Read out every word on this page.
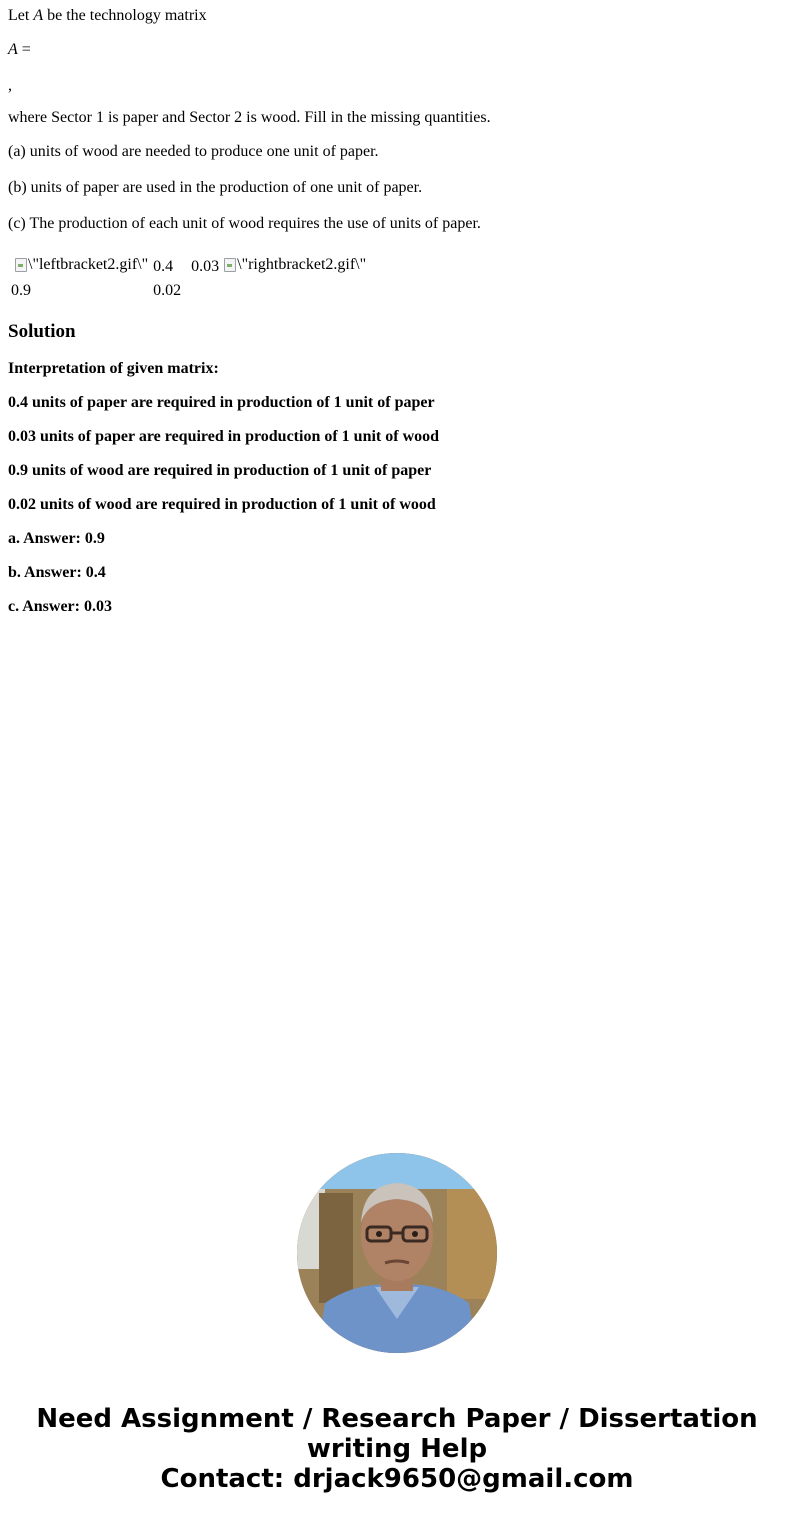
Let A be the technology matrix
A =
,
where Sector 1 is paper and Sector 2 is wood. Fill in the missing quantities.
(a) units of wood are needed to produce one unit of paper.
(b) units of paper are used in the production of one unit of paper.
(c) The production of each unit of wood requires the use of units of paper.
\"leftbracket2.gif\"	0.4	0.03	\"rightbracket2.gif\"

0.9	0.02		
Solution
Interpretation of given matrix:
0.4 units of paper are required in production of 1 unit of paper
0.03 units of paper are required in production of 1 unit of wood
0.9 units of wood are required in production of 1 unit of paper
0.02 units of wood are required in production of 1 unit of wood
a. Answer: 0.9
b. Answer: 0.4
c. Answer: 0.03
Need Assignment / Research Paper / Dissertation
writing Help
Contact: drjack9650@gmail.com
